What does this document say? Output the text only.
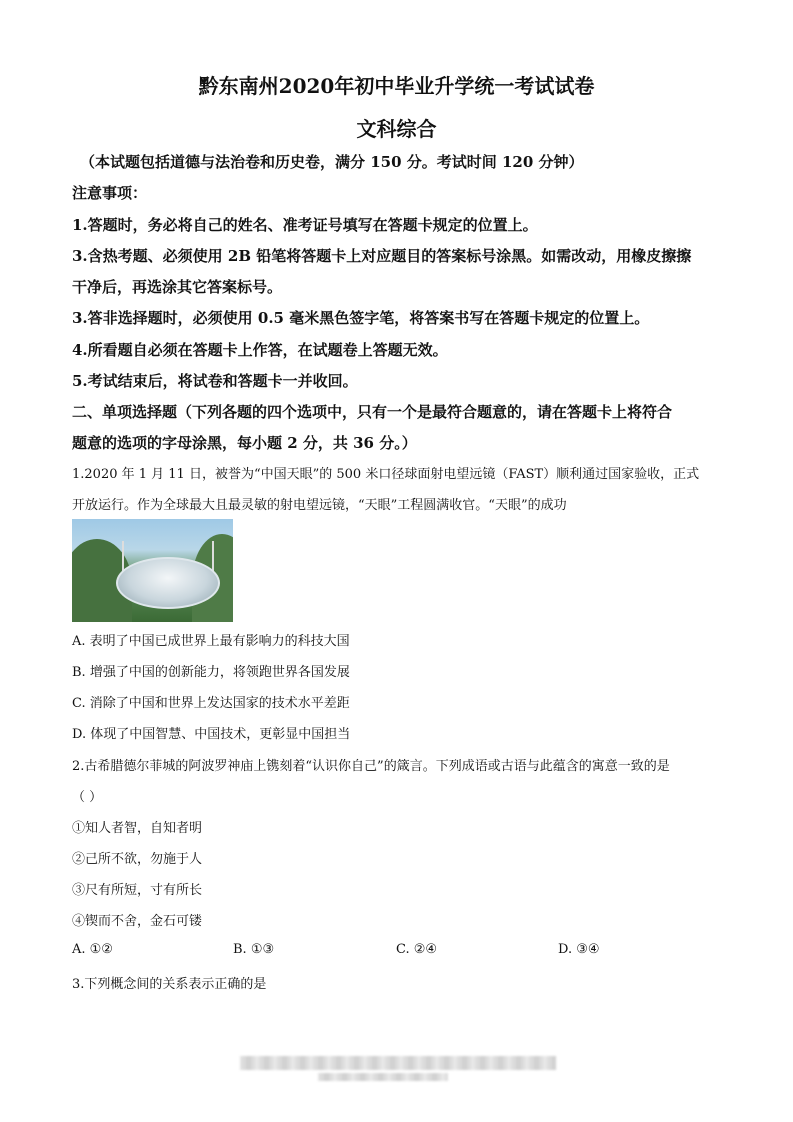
黔东南州2020年初中毕业升学统一考试试卷
文科综合
（本试题包括道德与法治卷和历史卷，满分 150 分。考试时间 120 分钟）
注意事项：
1.答题时，务必将自己的姓名、准考证号填写在答题卡规定的位置上。
3.含热考题、必须使用 2B 铅笔将答题卡上对应题目的答案标号涂黑。如需改动，用橡皮擦擦
干净后，再选涂其它答案标号。
3.答非选择题时，必须使用 0.5 毫米黑色签字笔，将答案书写在答题卡规定的位置上。
4.所看题自必须在答题卡上作答，在试题卷上答题无效。
5.考试结束后，将试卷和答题卡一并收回。
二、单项选择题（下列各题的四个选项中，只有一个是最符合题意的，请在答题卡上将符合
题意的选项的字母涂黑，每小题 2 分，共 36 分。）
1.2020 年 1 月 11 日，被誉为“中国天眼”的 500 米口径球面射电望远镜（FAST）顺利通过国家验收，正式
开放运行。作为全球最大且最灵敏的射电望远镜，“天眼”工程圆满收官。“天眼”的成功
A. 表明了中国已成世界上最有影响力的科技大国
B. 增强了中国的创新能力，将领跑世界各国发展
C. 消除了中国和世界上发达国家的技术水平差距
D. 体现了中国智慧、中国技术，更彰显中国担当
2.古希腊德尔菲城的阿波罗神庙上镌刻着“认识你自己”的箴言。下列成语或古语与此蕴含的寓意一致的是
（ ）
①知人者智，自知者明
②己所不欲，勿施于人
③尺有所短，寸有所长
④锲而不舍，金石可镂
A. ①②	B. ①③	C. ②④	D. ③④
3.下列概念间的关系表示正确的是
